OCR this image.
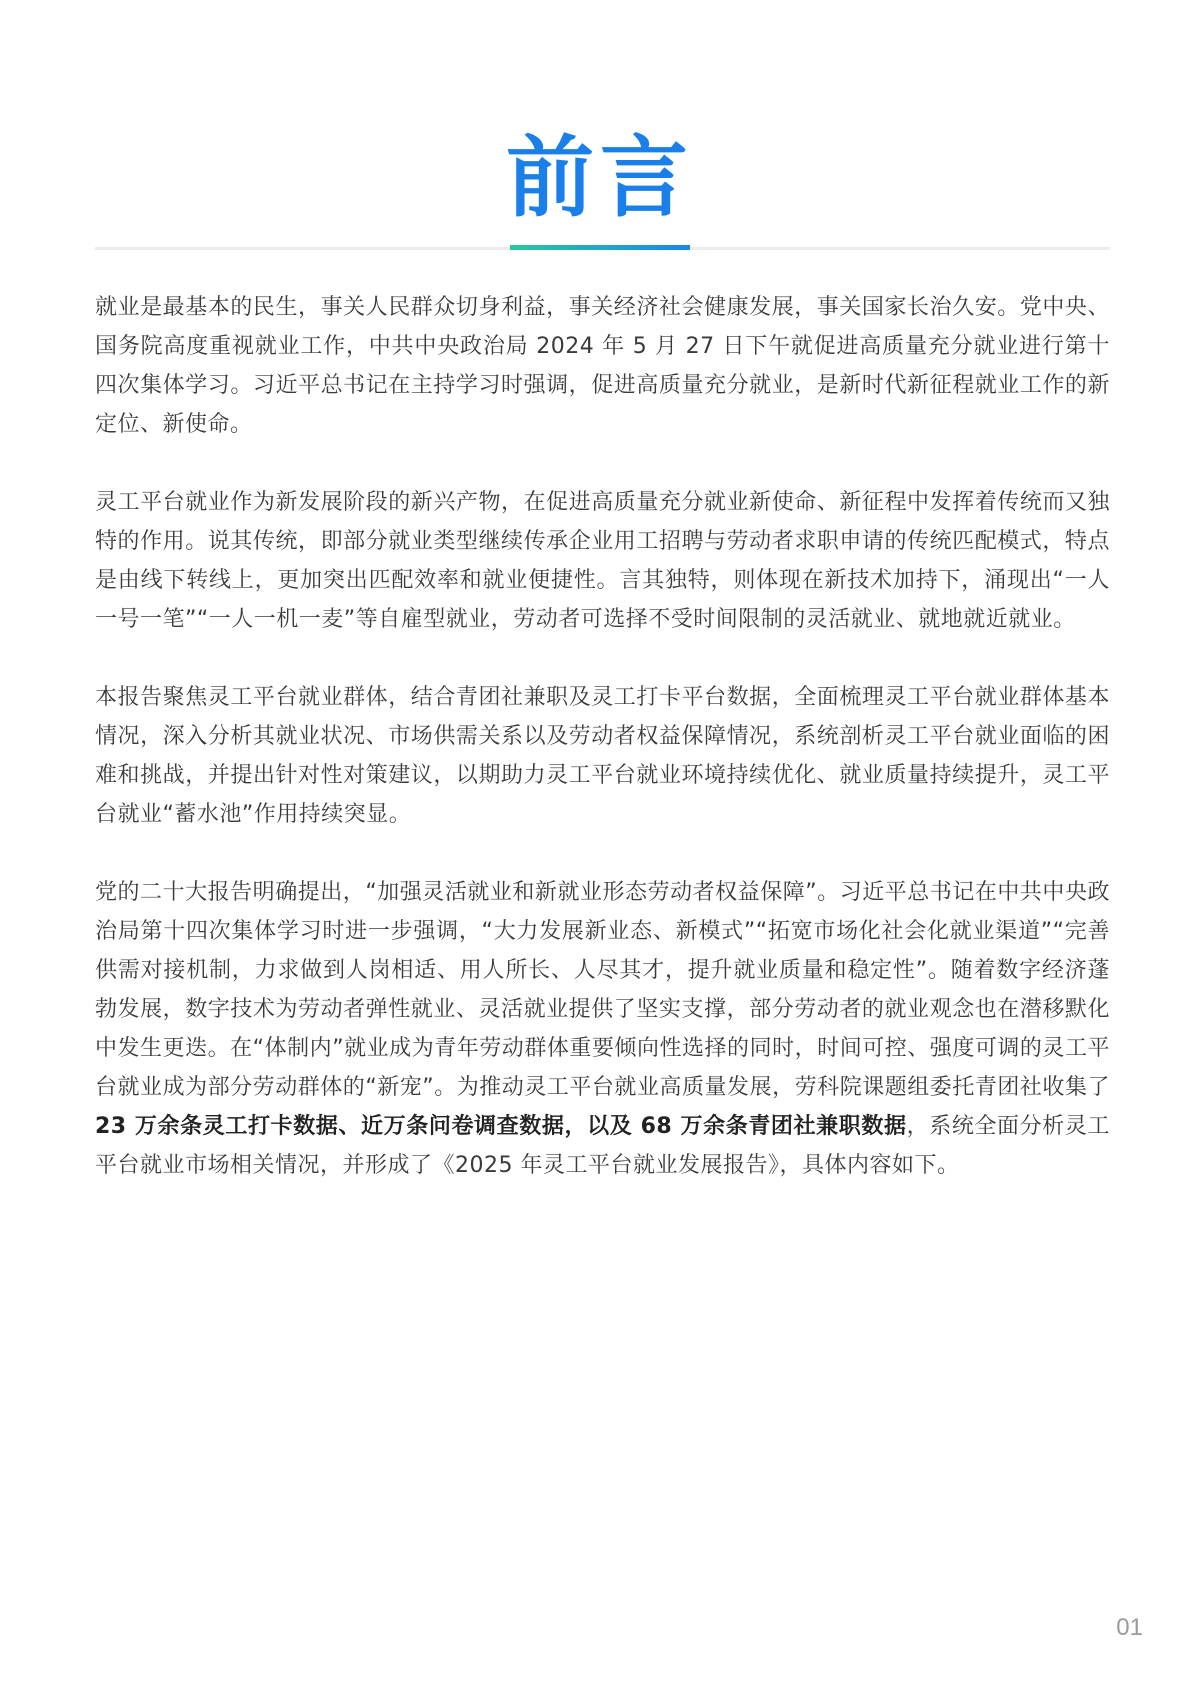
前言

就业是最基本的民生，事关人民群众切身利益，事关经济社会健康发展，事关国家长治久安。党中央、国务院高度重视就业工作，中共中央政治局 2024 年 5 月 27 日下午就促进高质量充分就业进行第十四次集体学习。习近平总书记在主持学习时强调，促进高质量充分就业，是新时代新征程就业工作的新定位、新使命。

灵工平台就业作为新发展阶段的新兴产物，在促进高质量充分就业新使命、新征程中发挥着传统而又独特的作用。说其传统，即部分就业类型继续传承企业用工招聘与劳动者求职申请的传统匹配模式，特点是由线下转线上，更加突出匹配效率和就业便捷性。言其独特，则体现在新技术加持下，涌现出“一人一号一笔”“一人一机一麦”等自雇型就业，劳动者可选择不受时间限制的灵活就业、就地就近就业。

本报告聚焦灵工平台就业群体，结合青团社兼职及灵工打卡平台数据，全面梳理灵工平台就业群体基本情况，深入分析其就业状况、市场供需关系以及劳动者权益保障情况，系统剖析灵工平台就业面临的困难和挑战，并提出针对性对策建议，以期助力灵工平台就业环境持续优化、就业质量持续提升，灵工平台就业“蓄水池”作用持续突显。

党的二十大报告明确提出，“加强灵活就业和新就业形态劳动者权益保障”。习近平总书记在中共中央政治局第十四次集体学习时进一步强调，“大力发展新业态、新模式”“拓宽市场化社会化就业渠道”“完善供需对接机制，力求做到人岗相适、用人所长、人尽其才，提升就业质量和稳定性”。随着数字经济蓬勃发展，数字技术为劳动者弹性就业、灵活就业提供了坚实支撑，部分劳动者的就业观念也在潜移默化中发生更迭。在“体制内”就业成为青年劳动群体重要倾向性选择的同时，时间可控、强度可调的灵工平台就业成为部分劳动群体的“新宠”。为推动灵工平台就业高质量发展，劳科院课题组委托青团社收集了 23 万余条灵工打卡数据、近万条问卷调查数据，以及 68 万余条青团社兼职数据，系统全面分析灵工平台就业市场相关情况，并形成了《2025 年灵工平台就业发展报告》，具体内容如下。

01
